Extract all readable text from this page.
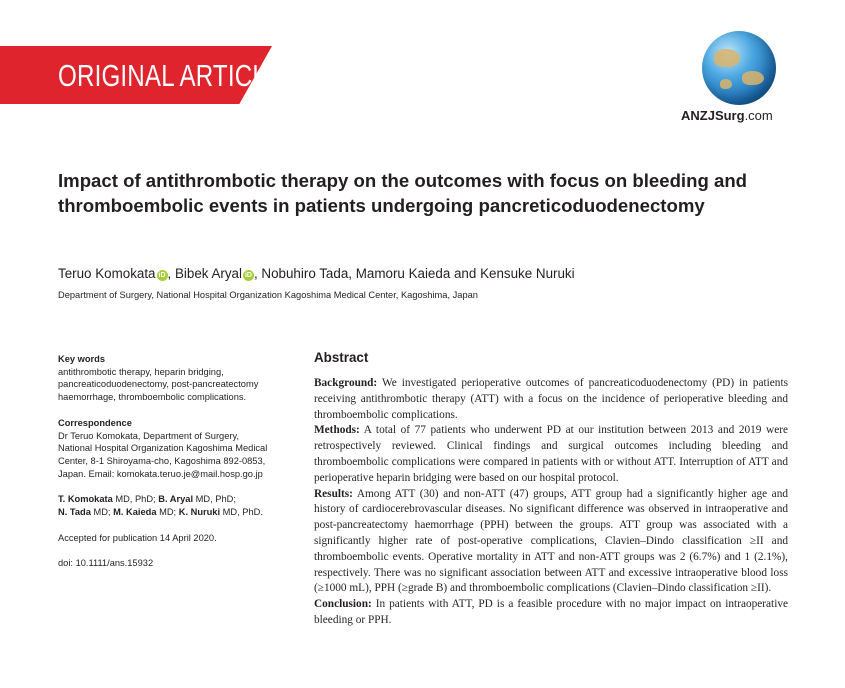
ORIGINAL ARTICLE
ANZJSurg.com
Impact of antithrombotic therapy on the outcomes with focus on bleeding and thromboembolic events in patients undergoing pancreticoduodenectomy
Teruo Komokata iD , Bibek Aryal iD , Nobuhiro Tada, Mamoru Kaieda and Kensuke Nuruki
Department of Surgery, National Hospital Organization Kagoshima Medical Center, Kagoshima, Japan
Key words
antithrombotic therapy, heparin bridging,
pancreaticoduodenectomy, post-pancreatectomy
haemorrhage, thromboembolic complications.
Correspondence
Dr Teruo Komokata, Department of Surgery,
National Hospital Organization Kagoshima Medical
Center, 8-1 Shiroyama-cho, Kagoshima 892-0853,
Japan. Email: komokata.teruo.je@mail.hosp.go.jp
T. Komokata MD, PhD; B. Aryal MD, PhD;
N. Tada MD; M. Kaieda MD; K. Nuruki MD, PhD.
Accepted for publication 14 April 2020.
doi: 10.1111/ans.15932
Abstract

Background: We investigated perioperative outcomes of pancreaticoduodenectomy (PD) in patients receiving antithrombotic therapy (ATT) with a focus on the incidence of perioperative bleeding and thromboembolic complications.

Methods: A total of 77 patients who underwent PD at our institution between 2013 and 2019 were retrospectively reviewed. Clinical findings and surgical outcomes including bleeding and thromboembolic complications were compared in patients with or without ATT. Interruption of ATT and perioperative heparin bridging were based on our hospital protocol.

Results: Among ATT (30) and non-ATT (47) groups, ATT group had a significantly higher age and history of cardiocerebrovascular diseases. No significant difference was observed in intraoperative and post-pancreatectomy haemorrhage (PPH) between the groups. ATT group was associated with a significantly higher rate of post-operative complications, Clavien–Dindo classification ≥II and thromboembolic events. Operative mortality in ATT and non-ATT groups was 2 (6.7%) and 1 (2.1%), respectively. There was no significant association between ATT and excessive intraoperative blood loss (≥1000 mL), PPH (≥grade B) and thromboembolic complications (Clavien–Dindo classification ≥II).

Conclusion: In patients with ATT, PD is a feasible procedure with no major impact on intraoperative bleeding or PPH.
